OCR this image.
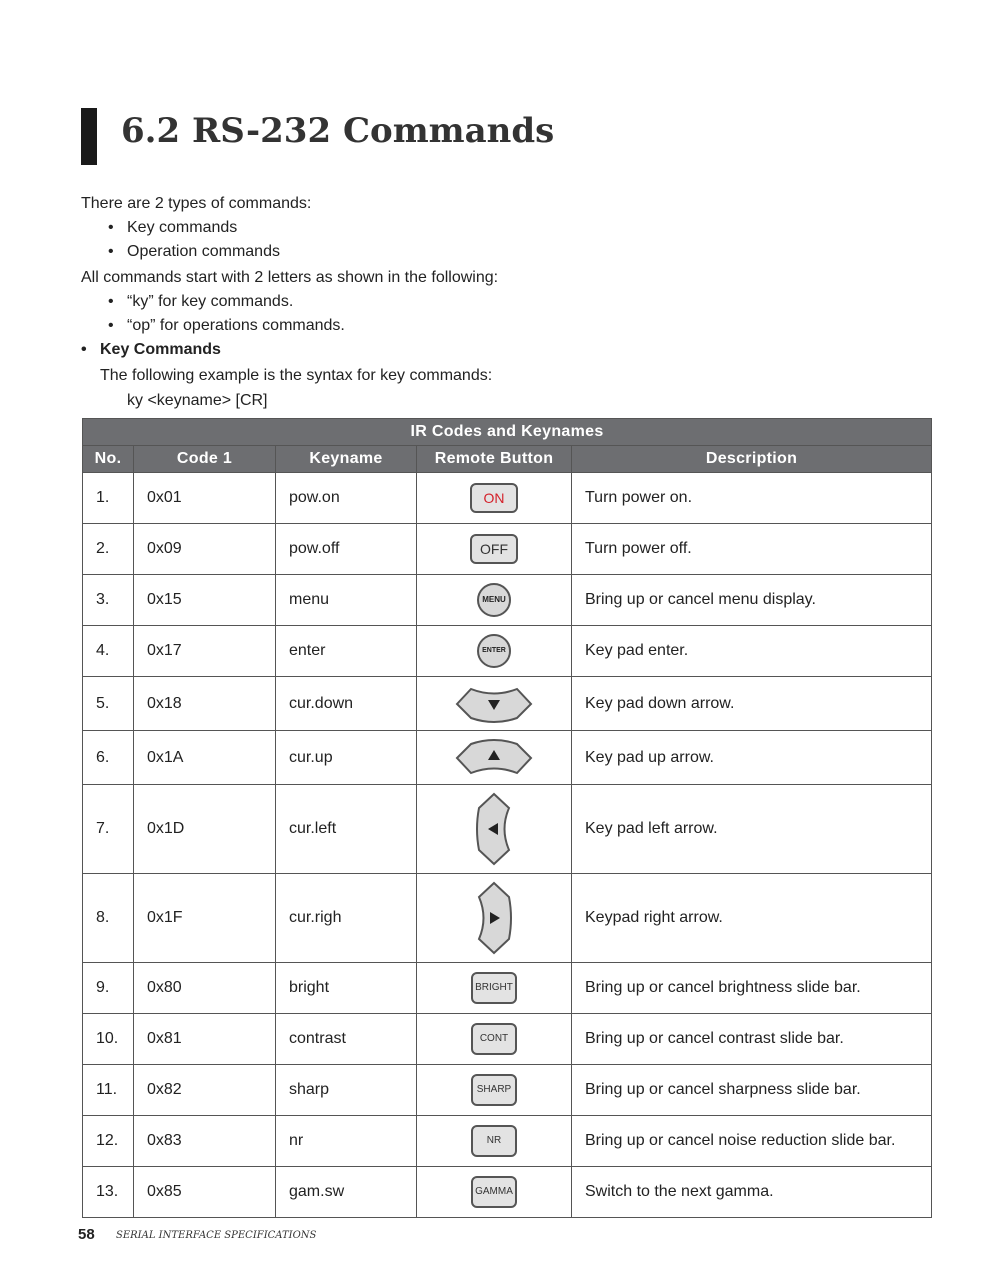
6.2 RS-232 Commands
There are 2 types of commands:
• Key commands
• Operation commands
All commands start with 2 letters as shown in the following:
• “ky” for key commands.
• “op” for operations commands.
• Key Commands
The following example is the syntax for key commands:
ky <keyname> [CR]
IR Codes and Keynames				
No.	Code 1	Keyname	Remote Button	Description
1.	0x01	pow.on	ON	Turn power on.
2.	0x09	pow.off	OFF	Turn power off.
3.	0x15	menu	MENU	Bring up or cancel menu display.
4.	0x17	enter	ENTER	Key pad enter.
5.	0x18	cur.down		Key pad down arrow.
6.	0x1A	cur.up		Key pad up arrow.
7.	0x1D	cur.left		Key pad left arrow.
8.	0x1F	cur.righ		Keypad right arrow.
9.	0x80	bright	BRIGHT	Bring up or cancel brightness slide bar.
10.	0x81	contrast	CONT	Bring up or cancel contrast slide bar.
11.	0x82	sharp	SHARP	Bring up or cancel sharpness slide bar.
12.	0x83	nr	NR	Bring up or cancel noise reduction slide bar.
13.	0x85	gam.sw	GAMMA	Switch to the next gamma.
58 SERIAL INTERFACE SPECIFICATIONS
